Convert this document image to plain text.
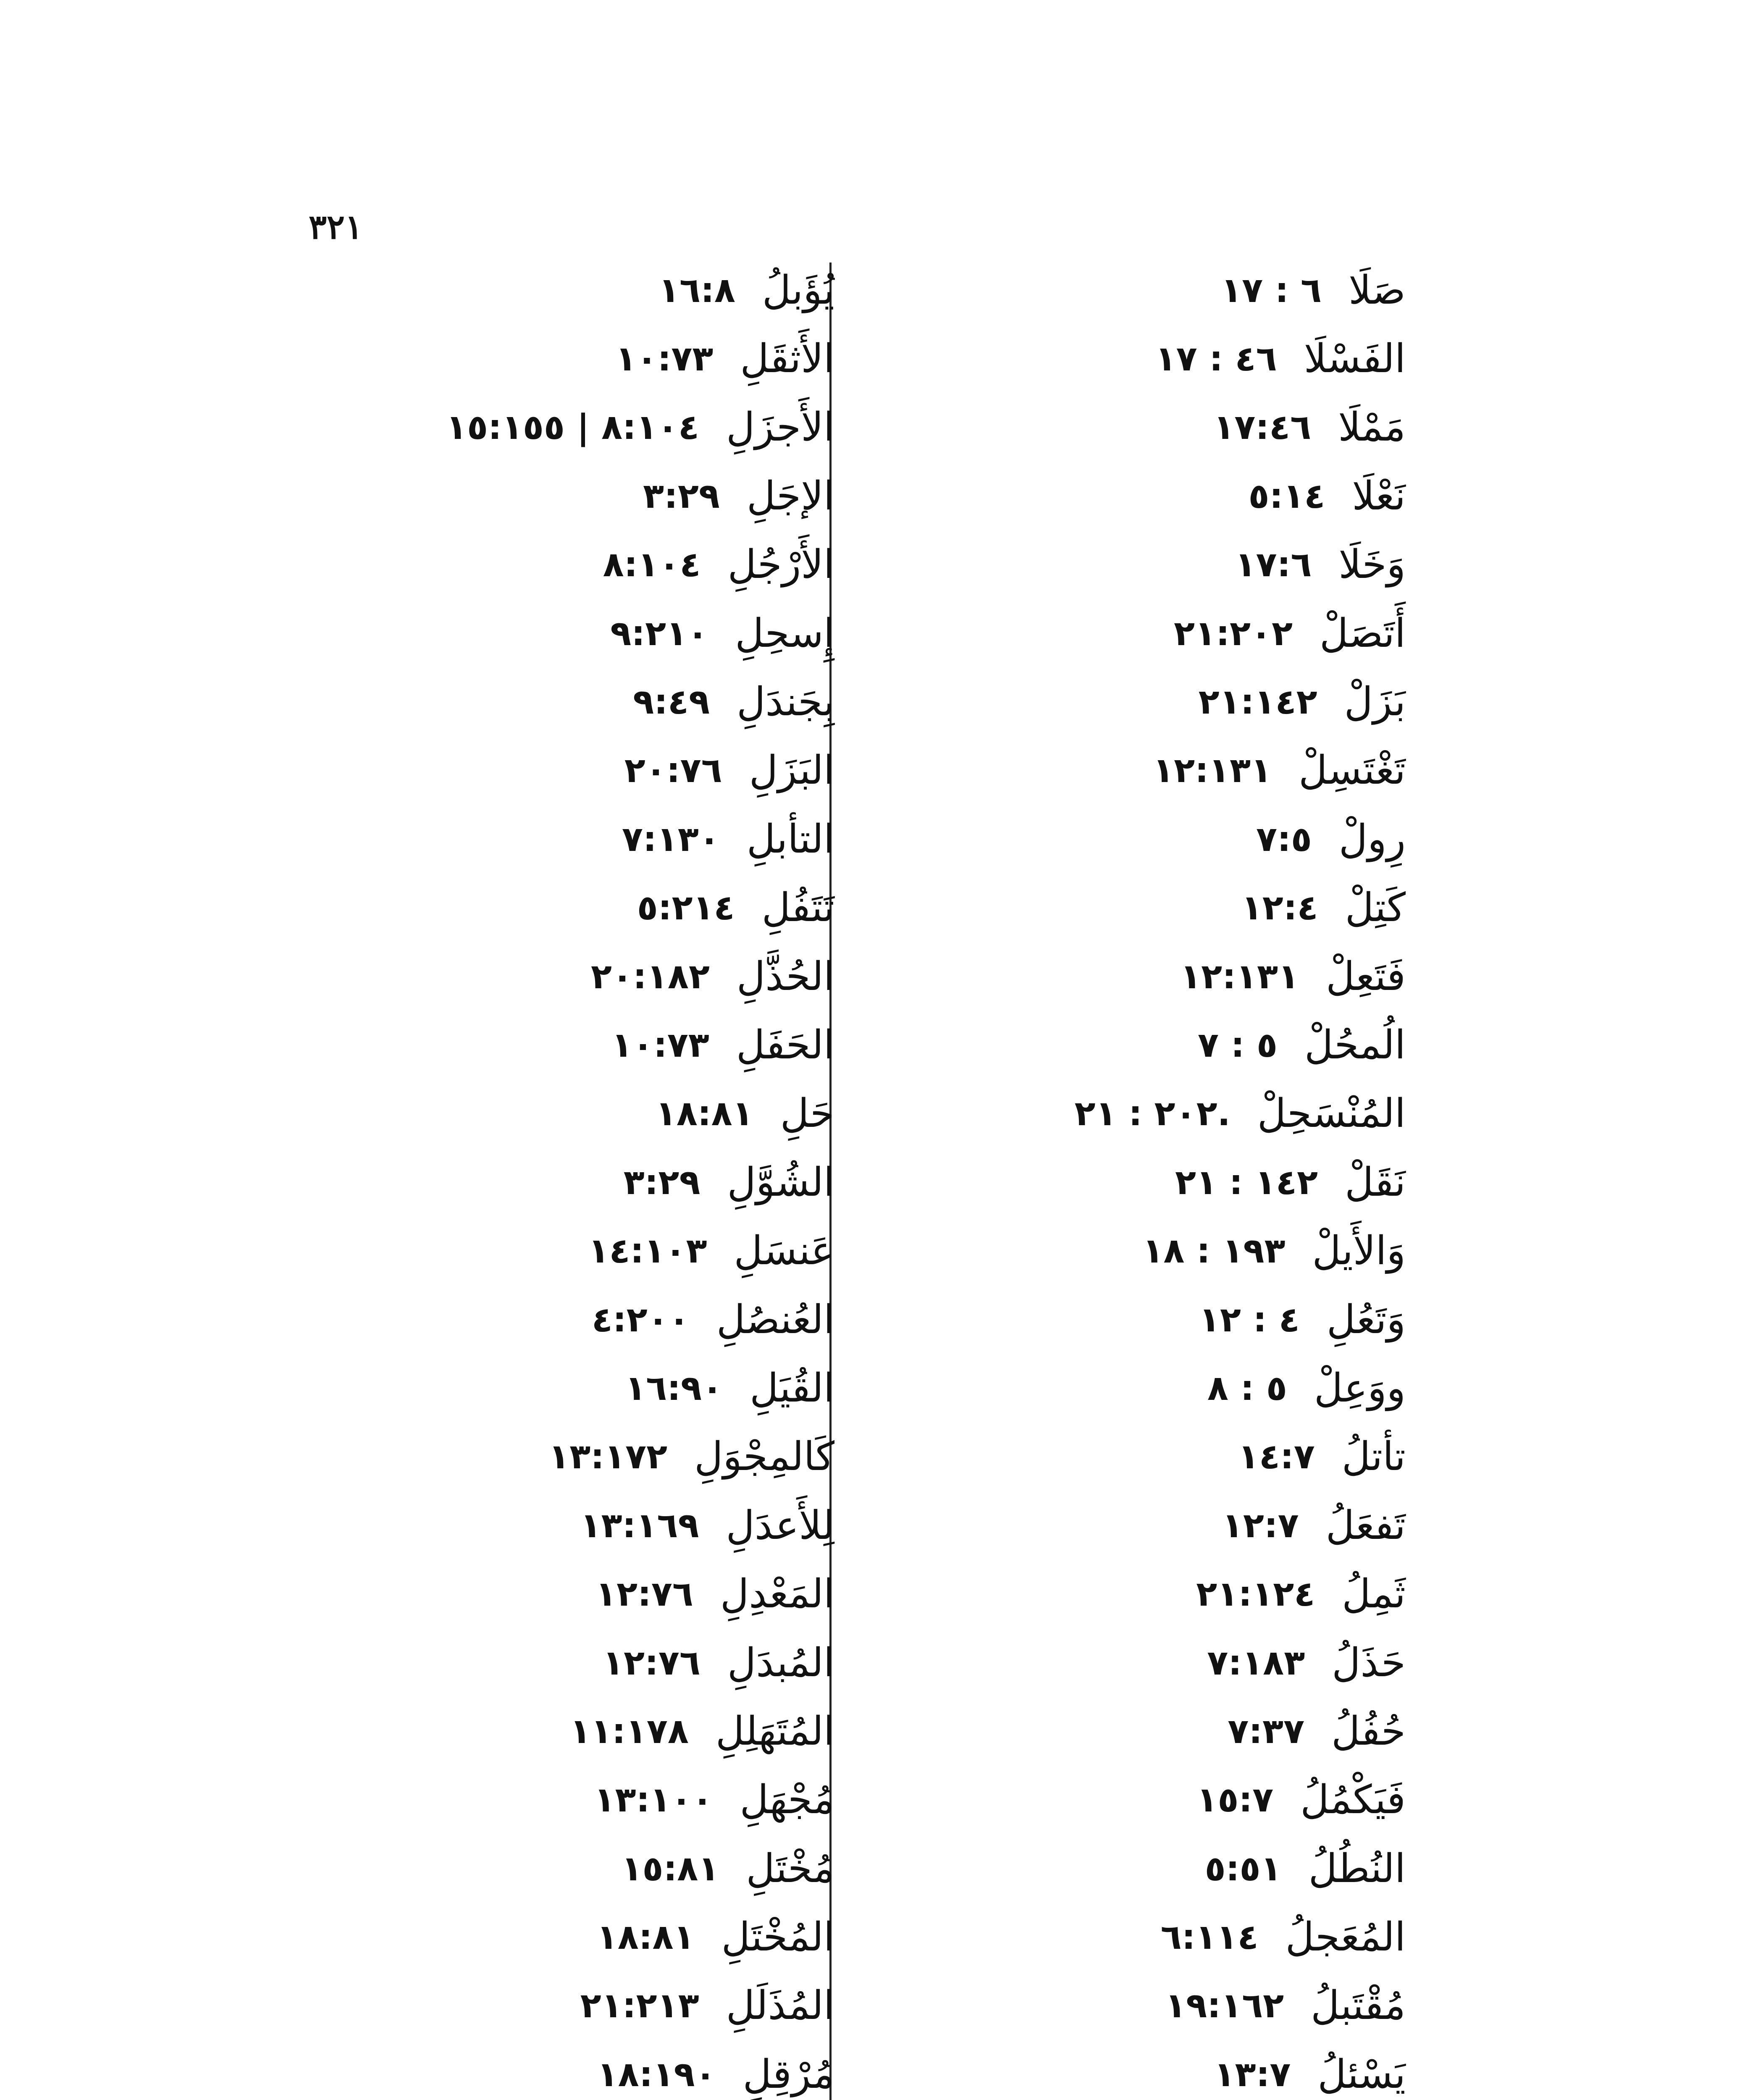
٣٢١
صَلَا
٦ : ١٧
الفَسْلَا
٤٦ : ١٧
مَمْلَا
١٧:٤٦
نَعْلَا
٥:١٤
وَخَلَا
١٧:٦
أَتَصَلْ
٢١:٢٠٢
بَزَلْ
٢١:١٤٢
تَغْتَسِلْ
١٢:١٣١
رِولْ
٧:٥
كَتِلْ
١٢:٤
فَتَعِلْ
١٢:١٣١
الُمحُلْ
٥ : ٧
المُنْسَحِلْ
.٢٠٢ : ٢١
نَقَلْ
١٤٢ : ٢١
وَالأَيلْ
١٩٣ : ١٨
وَتَعُلِ
٤ : ١٢
ووَعِلْ
٥ : ٨
تأتلُ
١٤:٧
تَفعَلُ
١٢:٧
ثَمِلُ
٢١:١٢٤
حَذَلُ
٧:١٨٣
حُفُلُ
٧:٣٧
فَيَكْمُلُ
١٥:٧
النُطُلُ
٥:٥١
المُعَجلُ
٦:١١٤
مُقْتَبلُ
١٩:١٦٢
يَسْئلُ
١٣:٧
يُؤَبلُ
١٦:٨
الأَثقَلِ
١٠:٧٣
الأَجزَلِ
٨:١٠٤ | ١٥:١٥٥
الإجَلِ
٣:٢٩
الأَرْجُلِ
٨:١٠٤
إِسحِلِ
٩:٢١٠
بِجَندَلِ
٩:٤٩
البَزَلِ
٢٠:٧٦
التأبلِ
٧:١٣٠
تَتَفُلِ
٥:٢١٤
الحُذَّلِ
٢٠:١٨٢
الحَفَلِ
١٠:٧٣
حَلِ
١٨:٨١
الشُوَّلِ
٣:٢٩
عَنسَلِ
١٤:١٠٣
العُنصُلِ
٤:٢٠٠
القُيَلِ
١٦:٩٠
كَالمِجْوَلِ
١٣:١٧٢
لِلأَعدَلِ
١٣:١٦٩
المَعْدِلِ
١٢:٧٦
المُبدَلِ
١٢:٧٦
المُتَهَلِلِ
١١:١٧٨
مُجْهَلِ
١٣:١٠٠
مُخْتَلِ
١٥:٨١
المُخْتَلِ
١٨:٨١
المُذَلَلِ
٢١:٢١٣
مُرْقِلِ
١٨:١٩٠
